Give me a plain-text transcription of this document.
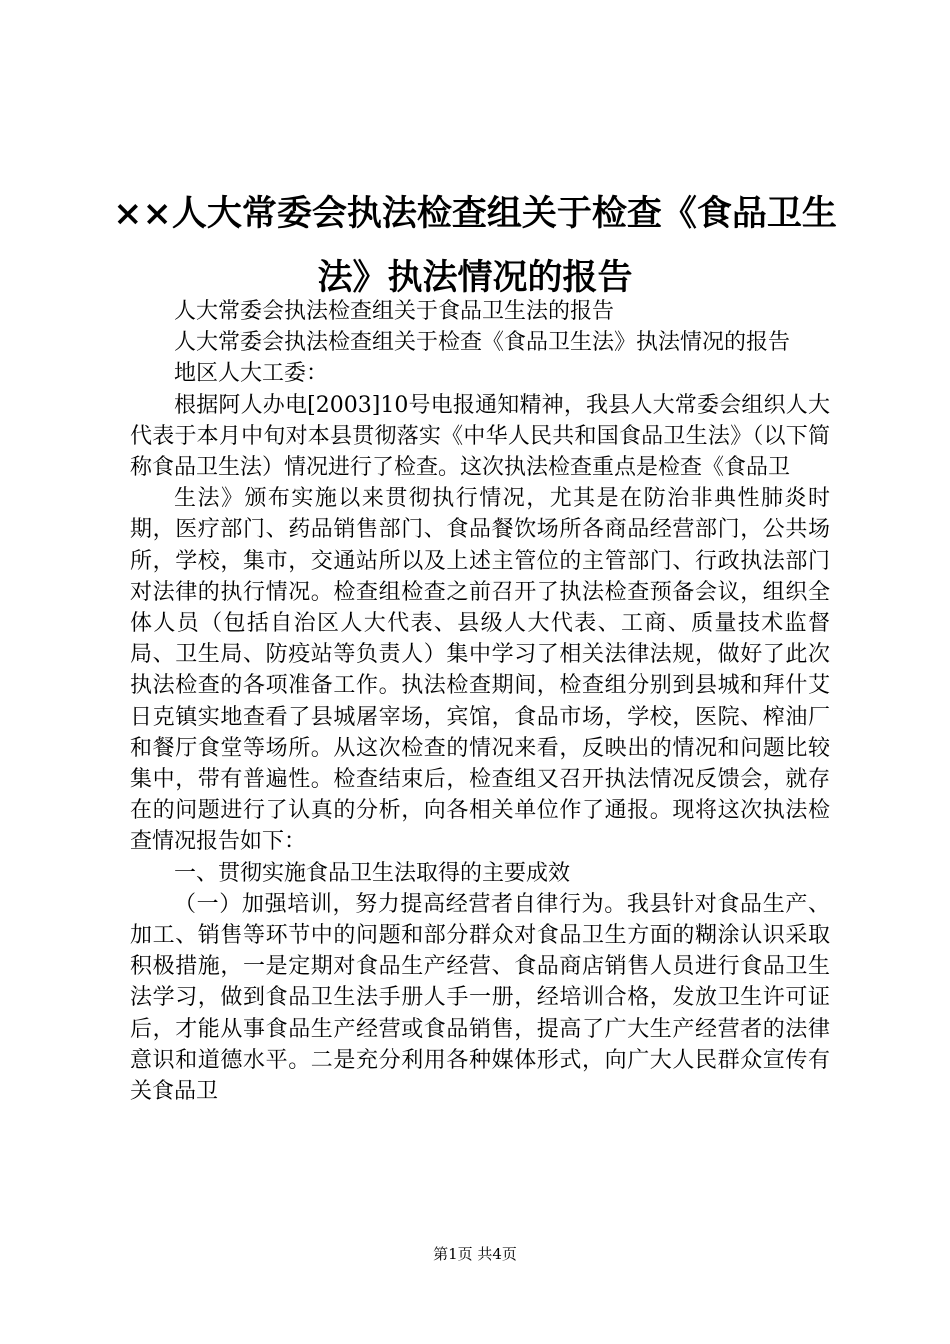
××人大常委会执法检查组关于检查《食品卫生法》执法情况的报告

人大常委会执法检查组关于食品卫生法的报告

人大常委会执法检查组关于检查《食品卫生法》执法情况的报告

地区人大工委：

根据阿人办电[2003]10号电报通知精神，我县人大常委会组织人大代表于本月中旬对本县贯彻落实《中华人民共和国食品卫生法》（以下简称食品卫生法）情况进行了检查。这次执法检查重点是检查《食品卫

生法》颁布实施以来贯彻执行情况，尤其是在防治非典性肺炎时期，医疗部门、药品销售部门、食品餐饮场所各商品经营部门，公共场所，学校，集市，交通站所以及上述主管位的主管部门、行政执法部门对法律的执行情况。检查组检查之前召开了执法检查预备会议，组织全体人员（包括自治区人大代表、县级人大代表、工商、质量技术监督局、卫生局、防疫站等负责人）集中学习了相关法律法规，做好了此次执法检查的各项准备工作。执法检查期间，检查组分别到县城和拜什艾日克镇实地查看了县城屠宰场，宾馆，食品市场，学校，医院、榨油厂和餐厅食堂等场所。从这次检查的情况来看，反映出的情况和问题比较集中，带有普遍性。检查结束后，检查组又召开执法情况反馈会，就存在的问题进行了认真的分析，向各相关单位作了通报。现将这次执法检查情况报告如下：

一、贯彻实施食品卫生法取得的主要成效

（一）加强培训，努力提高经营者自律行为。我县针对食品生产、加工、销售等环节中的问题和部分群众对食品卫生方面的糊涂认识采取积极措施，一是定期对食品生产经营、食品商店销售人员进行食品卫生法学习，做到食品卫生法手册人手一册，经培训合格，发放卫生许可证后，才能从事食品生产经营或食品销售，提高了广大生产经营者的法律意识和道德水平。二是充分利用各种媒体形式，向广大人民群众宣传有关食品卫

第1页 共4页
